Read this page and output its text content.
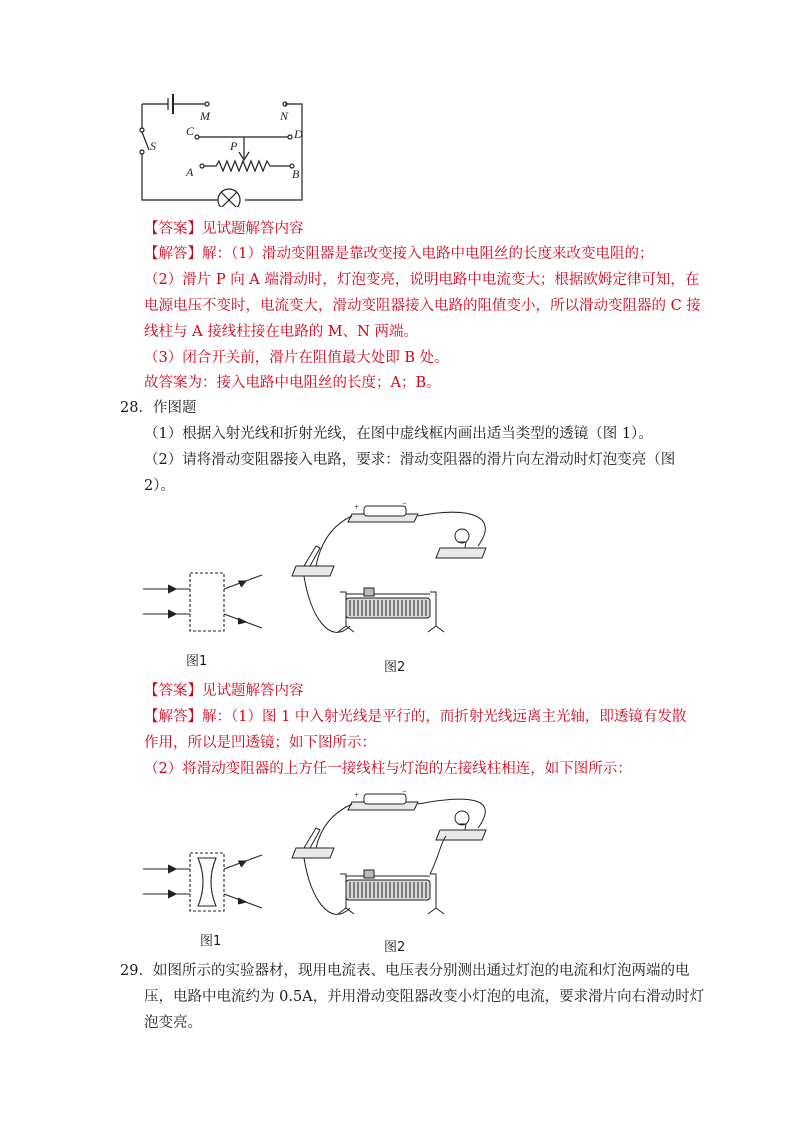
M	N
C	D
P
A	B
S
【答案】见试题解答内容
【解答】解：（1）滑动变阻器是靠改变接入电路中电阻丝的长度来改变电阻的；
（2）滑片 P 向 A 端滑动时，灯泡变亮，说明电路中电流变大；根据欧姆定律可知，在
电源电压不变时，电流变大，滑动变阻器接入电路的阻值变小，所以滑动变阻器的 C 接
线柱与 A 接线柱接在电路的 M、N 两端。
（3）闭合开关前，滑片在阻值最大处即 B 处。
故答案为：接入电路中电阻丝的长度；A；B。
28．作图题
（1）根据入射光线和折射光线，在图中虚线框内画出适当类型的透镜（图 1）。
（2）请将滑动变阻器接入电路，要求：滑动变阻器的滑片向左滑动时灯泡变亮（图
2）。
图1
+	−
图2
【答案】见试题解答内容
【解答】解：（1）图 1 中入射光线是平行的，而折射光线远离主光轴，即透镜有发散
作用，所以是凹透镜；如下图所示：
（2）将滑动变阻器的上方任一接线柱与灯泡的左接线柱相连，如下图所示：
图1
+	−
图2
29．如图所示的实验器材，现用电流表、电压表分别测出通过灯泡的电流和灯泡两端的电
压，电路中电流约为 0.5A，并用滑动变阻器改变小灯泡的电流，要求滑片向右滑动时灯
泡变亮。
